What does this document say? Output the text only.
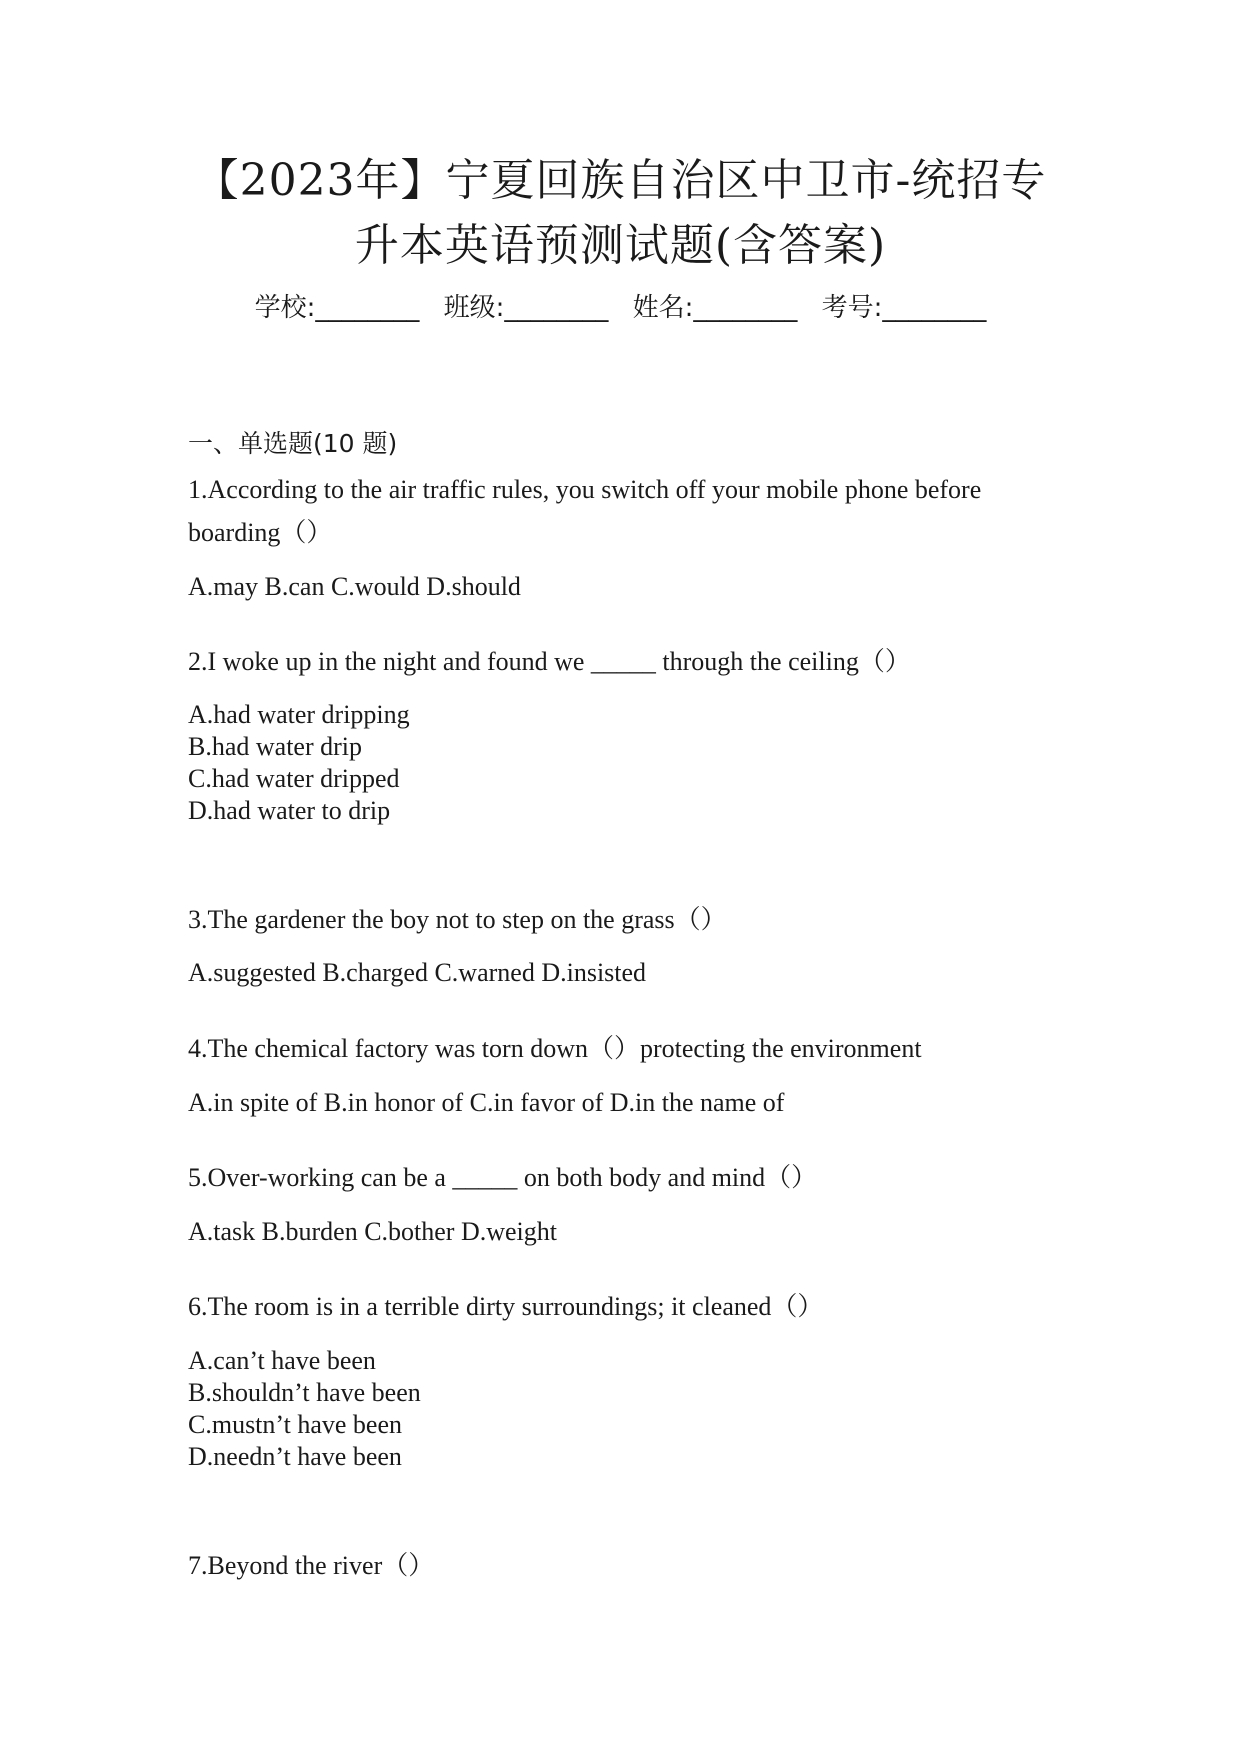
【2023年】宁夏回族自治区中卫市-统招专
升本英语预测试题(含答案)
学校:________ 班级:________ 姓名:________ 考号:________
一、单选题(10 题)
1.According to the air traffic rules, you switch off your mobile phone before
boarding（）
A.may B.can C.would D.should
2.I woke up in the night and found we _____ through the ceiling（）
A.had water dripping
B.had water drip
C.had water dripped
D.had water to drip
3.The gardener the boy not to step on the grass（）
A.suggested B.charged C.warned D.insisted
4.The chemical factory was torn down（）protecting the environment
A.in spite of B.in honor of C.in favor of D.in the name of
5.Over-working can be a _____ on both body and mind（）
A.task B.burden C.bother D.weight
6.The room is in a terrible dirty surroundings; it cleaned（）
A.can’t have been
B.shouldn’t have been
C.mustn’t have been
D.needn’t have been
7.Beyond the river（）
